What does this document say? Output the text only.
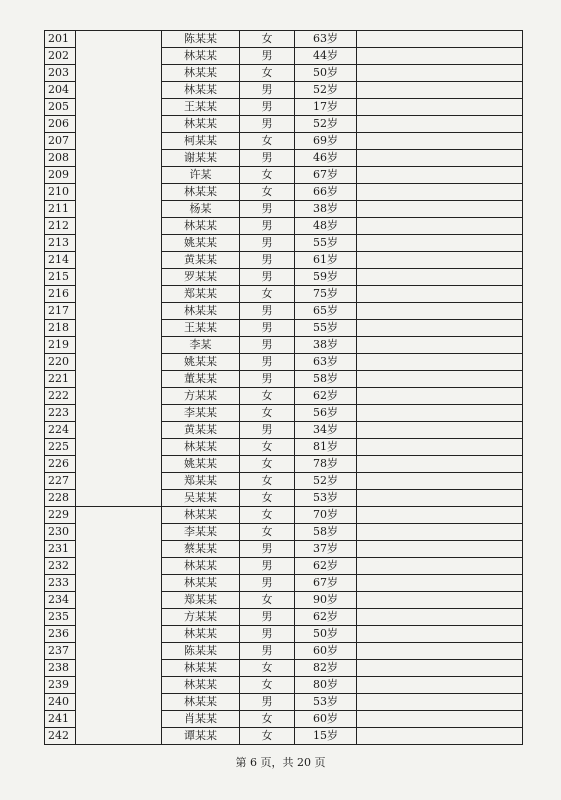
201		陈某某	女	63岁	
202		林某某	男	44岁	
203		林某某	女	50岁	
204		林某某	男	52岁	
205		王某某	男	17岁	
206		林某某	男	52岁	
207		柯某某	女	69岁	
208		谢某某	男	46岁	
209		许某	女	67岁	
210		林某某	女	66岁	
211		杨某	男	38岁	
212		林某某	男	48岁	
213		姚某某	男	55岁	
214		黄某某	男	61岁	
215		罗某某	男	59岁	
216		郑某某	女	75岁	
217		林某某	男	65岁	
218		王某某	男	55岁	
219		李某	男	38岁	
220		姚某某	男	63岁	
221		董某某	男	58岁	
222		方某某	女	62岁	
223		李某某	女	56岁	
224		黄某某	男	34岁	
225		林某某	女	81岁	
226		姚某某	女	78岁	
227		郑某某	女	52岁	
228		吴某某	女	53岁	
229		林某某	女	70岁	
230		李某某	女	58岁	
231		蔡某某	男	37岁	
232		林某某	男	62岁	
233		林某某	男	67岁	
234		郑某某	女	90岁	
235		方某某	男	62岁	
236		林某某	男	50岁	
237		陈某某	男	60岁	
238		林某某	女	82岁	
239		林某某	女	80岁	
240		林某某	男	53岁	
241		肖某某	女	60岁	
242		谭某某	女	15岁	
第 6 页，共 20 页
